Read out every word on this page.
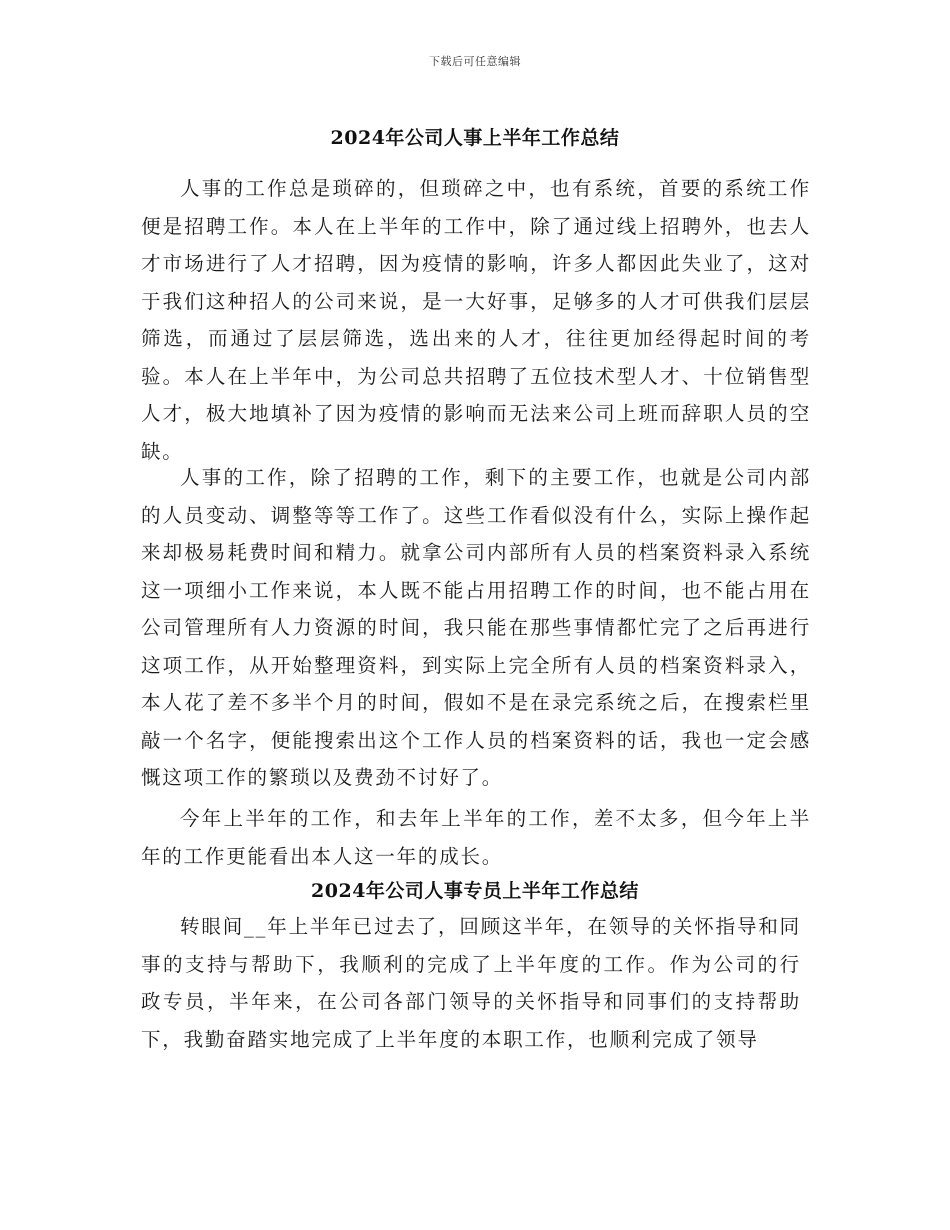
下载后可任意编辑
2024年公司人事上半年工作总结

人事的工作总是琐碎的，但琐碎之中，也有系统，首要的系统工作便是招聘工作。本人在上半年的工作中，除了通过线上招聘外，也去人才市场进行了人才招聘，因为疫情的影响，许多人都因此失业了，这对于我们这种招人的公司来说，是一大好事，足够多的人才可供我们层层筛选，而通过了层层筛选，选出来的人才，往往更加经得起时间的考验。本人在上半年中，为公司总共招聘了五位技术型人才、十位销售型人才，极大地填补了因为疫情的影响而无法来公司上班而辞职人员的空缺。

人事的工作，除了招聘的工作，剩下的主要工作，也就是公司内部的人员变动、调整等等工作了。这些工作看似没有什么，实际上操作起来却极易耗费时间和精力。就拿公司内部所有人员的档案资料录入系统这一项细小工作来说，本人既不能占用招聘工作的时间，也不能占用在公司管理所有人力资源的时间，我只能在那些事情都忙完了之后再进行这项工作，从开始整理资料，到实际上完全所有人员的档案资料录入，本人花了差不多半个月的时间，假如不是在录完系统之后，在搜索栏里敲一个名字，便能搜索出这个工作人员的档案资料的话，我也一定会感慨这项工作的繁琐以及费劲不讨好了。

今年上半年的工作，和去年上半年的工作，差不太多，但今年上半年的工作更能看出本人这一年的成长。

2024年公司人事专员上半年工作总结

转眼间__年上半年已过去了，回顾这半年，在领导的关怀指导和同事的支持与帮助下，我顺利的完成了上半年度的工作。作为公司的行政专员，半年来，在公司各部门领导的关怀指导和同事们的支持帮助下，我勤奋踏实地完成了上半年度的本职工作，也顺利完成了领导
